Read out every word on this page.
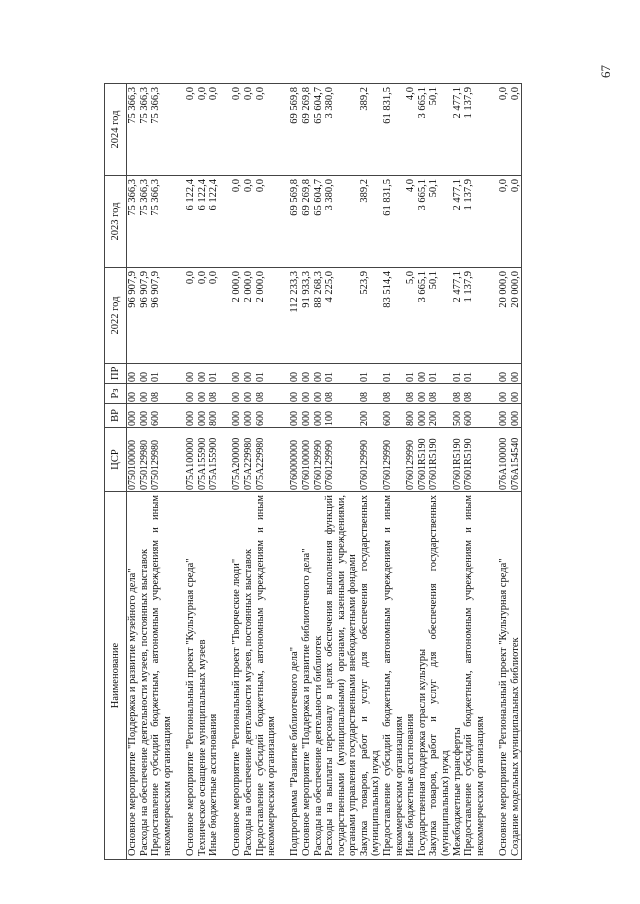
67
Наименование	ЦСР	ВР	Рз	ПР	2022 год	2023 год	2024 год
Основное мероприятие "Поддержка и развитие музейного дела"	0750100000	000	00	00	96 907,9	75 366,3	75 366,3
Расходы на обеспечение деятельности музеев, постоянных выставок	0750129980	000	00	00	96 907,9	75 366,3	75 366,3
Предоставление субсидий бюджетным, автономным учреждениям и иным некоммерческим организациям	0750129980	600	08	01	96 907,9	75 366,3	75 366,3

Основное мероприятие "Региональный проект "Культурная среда"	075A100000	000	00	00	0,0	6 122,4	0,0
Техническое оснащение муниципальных музеев	075A155900	000	00	00	0,0	6 122,4	0,0
Иные бюджетные ассигнования	075A155900	800	08	01	0,0	6 122,4	0,0

Основное мероприятие "Региональный проект "Творческие люди"	075A200000	000	00	00	2 000,0	0,0	0,0
Расходы на обеспечение деятельности музеев, постоянных выставок	075A229980	000	00	00	2 000,0	0,0	0,0
Предоставление субсидий бюджетным, автономным учреждениям и иным некоммерческим организациям	075A229980	600	08	01	2 000,0	0,0	0,0

Подпрограмма "Развитие библиотечного дела"	0760000000	000	00	00	112 233,3	69 569,8	69 569,8
Основное мероприятие "Поддержка и развитие библиотечного дела"	0760100000	000	00	00	91 933,3	69 269,8	69 269,8
Расходы на обеспечение деятельности библиотек	0760129990	000	00	00	88 268,3	65 604,7	65 604,7
Расходы на выплаты персоналу в целях обеспечения выполнения функций государственными (муниципальными) органами, казенными учреждениями, органами управления государственными внебюджетными фондами	0760129990	100	08	01	4 225,0	3 380,0	3 380,0
Закупка товаров, работ и услуг для обеспечения государственных (муниципальных) нужд	0760129990	200	08	01	523,9	389,2	389,2
Предоставление субсидий бюджетным, автономным учреждениям и иным некоммерческим организациям	0760129990	600	08	01	83 514,4	61 831,5	61 831,5
Иные бюджетные ассигнования	0760129990	800	08	01	5,0	4,0	4,0
Государственная поддержка отрасли культуры	07601R5190	000	00	00	3 665,1	3 665,1	3 665,1
Закупка товаров, работ и услуг для обеспечения государственных (муниципальных) нужд	07601R5190	200	08	01	50,1	50,1	50,1
Межбюджетные трансферты	07601R5190	500	08	01	2 477,1	2 477,1	2 477,1
Предоставление субсидий бюджетным, автономным учреждениям и иным некоммерческим организациям	07601R5190	600	08	01	1 137,9	1 137,9	1 137,9

Основное мероприятие "Региональный проект "Культурная среда"	076A100000	000	00	00	20 000,0	0,0	0,0
Создание модельных муниципальных библиотек	076A154540	000	00	00	20 000,0	0,0	0,0
